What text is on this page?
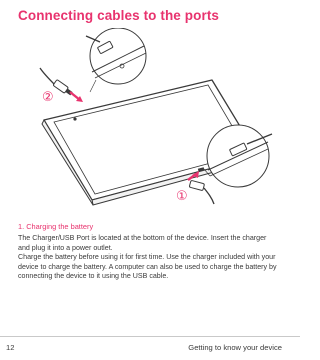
Connecting cables to the ports
②
①
1. Charging the battery

The Charger/USB Port is located at the bottom of the device. Insert the charger and plug it into a power outlet.

Charge the battery before using it for first time. Use the charger included with your device to charge the battery. A computer can also be used to charge the battery by connecting the device to it using the USB cable.

12	Getting to know your device
